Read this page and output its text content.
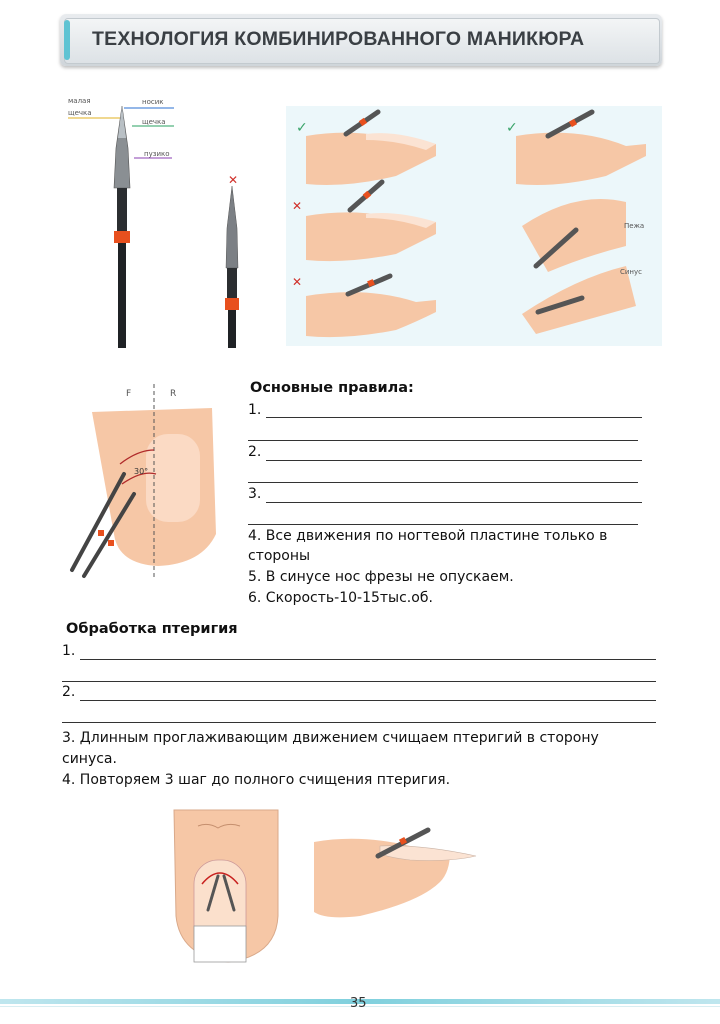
ТЕХНОЛОГИЯ КОМБИНИРОВАННОГО МАНИКЮРА
малая
щечка
носик
щечка
пузико
✕
✓	✓
✕
✕
Пежа
Синус
F	R
30°
Основные правила:
1.
2.
3.
4. Все движения по ногтевой пластине только в
стороны
5. В синусе нос фрезы не опускаем.
6. Скорость-10-15тыс.об.
Обработка птеригия
1.
2.
3. Длинным проглаживающим движением счищаем птеригий в сторону
синуса.
4. Повторяем 3 шаг до полного счищения птеригия.
35
